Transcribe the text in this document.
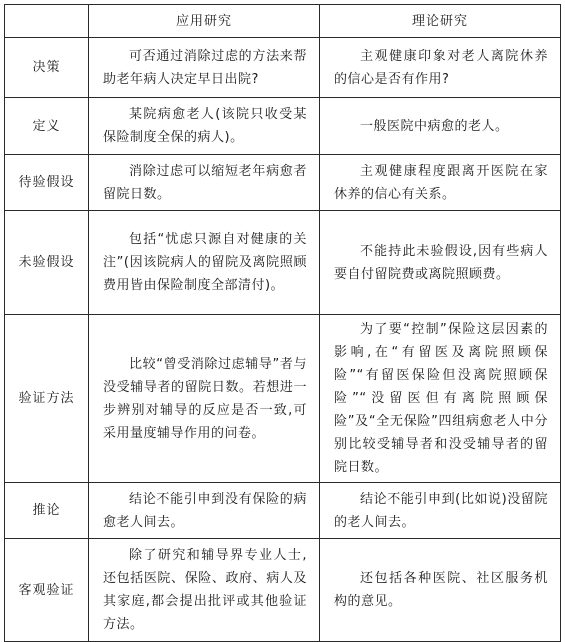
	应用研究	理论研究
决策	可否通过消除过虑的方法来帮助老年病人决定早日出院?	主观健康印象对老人离院休养的信心是否有作用?
定义	某院病愈老人(该院只收受某保险制度全保的病人)。	一般医院中病愈的老人。
待验假设	消除过虑可以缩短老年病愈者留院日数。	主观健康程度跟离开医院在家休养的信心有关系。
未验假设	包括“忧虑只源自对健康的关注”(因该院病人的留院及离院照顾费用皆由保险制度全部清付)。	不能持此未验假设,因有些病人要自付留院费或离院照顾费。
验证方法	比较“曾受消除过虑辅导”者与没受辅导者的留院日数。若想进一步辨别对辅导的反应是否一致,可采用量度辅导作用的问卷。	为了要“控制”保险这层因素的影响,在“有留医及离院照顾保险”“有留医保险但没离院照顾保险”“没留医但有离院照顾保险”及“全无保险”四组病愈老人中分别比较受辅导者和没受辅导者的留院日数。
推论	结论不能引申到没有保险的病愈老人间去。	结论不能引申到(比如说)没留院的老人间去。
客观验证	除了研究和辅导界专业人士,还包括医院、保险、政府、病人及其家庭,都会提出批评或其他验证方法。	还包括各种医院、社区服务机构的意见。
